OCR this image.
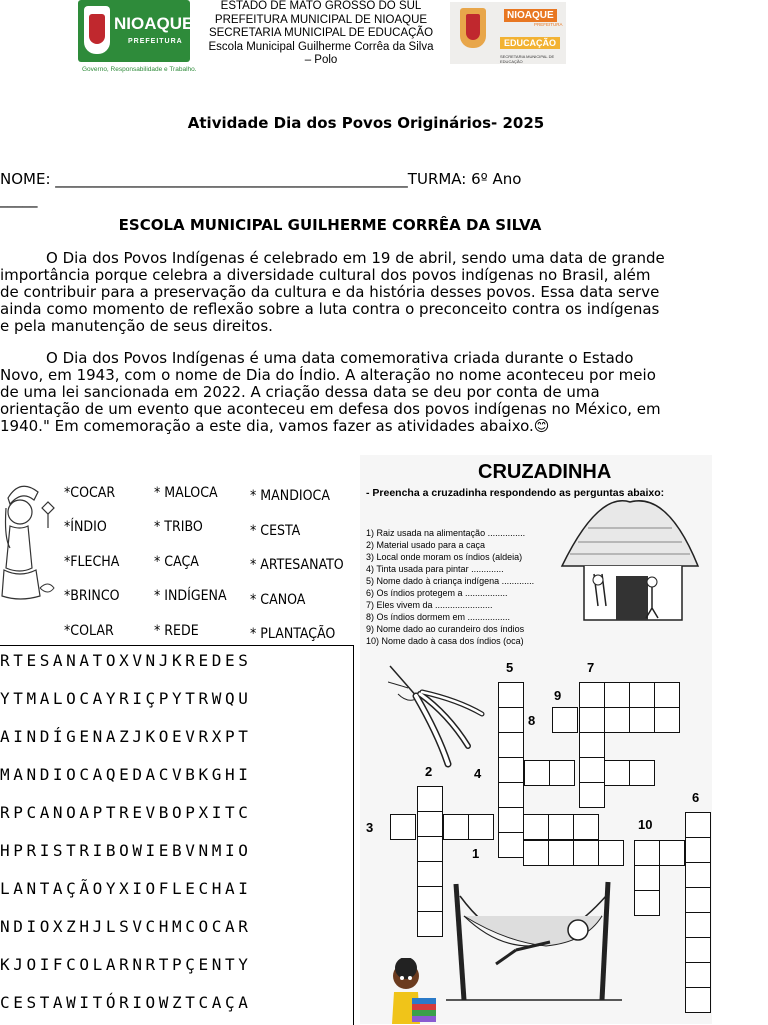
NIOAQUE
PREFEITURA
Governo, Responsabilidade e Trabalho.
ESTADO DE MATO GROSSO DO SUL
PREFEITURA MUNICIPAL DE NIOAQUE
SECRETARIA MUNICIPAL DE EDUCAÇÃO
Escola Municipal Guilherme Corrêa da Silva
– Polo
NIOAQUE
PREFEITURA
EDUCAÇÃO
SECRETARIA MUNICIPAL DE EDUCAÇÃO
Atividade Dia dos Povos Originários- 2025
NOME: _______________________________________________TURMA: 6º Ano
_____
ESCOLA MUNICIPAL GUILHERME CORRÊA DA SILVA

O Dia dos Povos Indígenas é celebrado em 19 de abril, sendo uma data de grande importância porque celebra a diversidade cultural dos povos indígenas no Brasil, além de contribuir para a preservação da cultura e da história desses povos. Essa data serve ainda como momento de reflexão sobre a luta contra o preconceito contra os indígenas e pela manutenção de seus direitos.

O Dia dos Povos Indígenas é uma data comemorativa criada durante o Estado Novo, em 1943, com o nome de Dia do Índio. A alteração no nome aconteceu por meio de uma lei sancionada em 2022. A criação dessa data se deu por conta de uma orientação de um evento que aconteceu em defesa dos povos indígenas no México, em 1940." Em comemoração a este dia, vamos fazer as atividades abaixo.😊

*COCAR	* MALOCA * MANDIOCA
*ÍNDIO	* TRIBO	* CESTA
*FLECHA * CAÇA	* ARTESANATO
*BRINCO * INDÍGENA * CANOA
*COLAR	* REDE	* PLANTAÇÃO
RTESANATOXVNJKREDES
YTMALOCAYRIÇPYTRWQU
AINDÍGENAZJKOEVRXPT
MANDIOCAQEDACVBKGHI
RPCANOAPTREVBOPXITC
HPRISTRIBOWIEBVNMIO
LANTAÇÃOYXIOFLECHAI
NDIOXZHJLSVCHMCOCAR
KJOIFCOLARNRTPÇENTY
CESTAWITÓRIOWZTCAÇA
CRUZADINHA
- Preencha a cruzadinha respondendo as perguntas abaixo:
1) Raiz usada na alimentação ...............
2) Material usado para a caça
3) Local onde moram os índios (aldeia)
4) Tinta usada para pintar .............
5) Nome dado à criança indígena .............
6) Os índios protegem a .................
7) Eles vivem da .......................
8) Os índios dormem em .................
9) Nome dado ao curandeiro dos índios
10) Nome dado à casa dos índios (oca)
5	7
9
8
2	4
6
3	10
1
